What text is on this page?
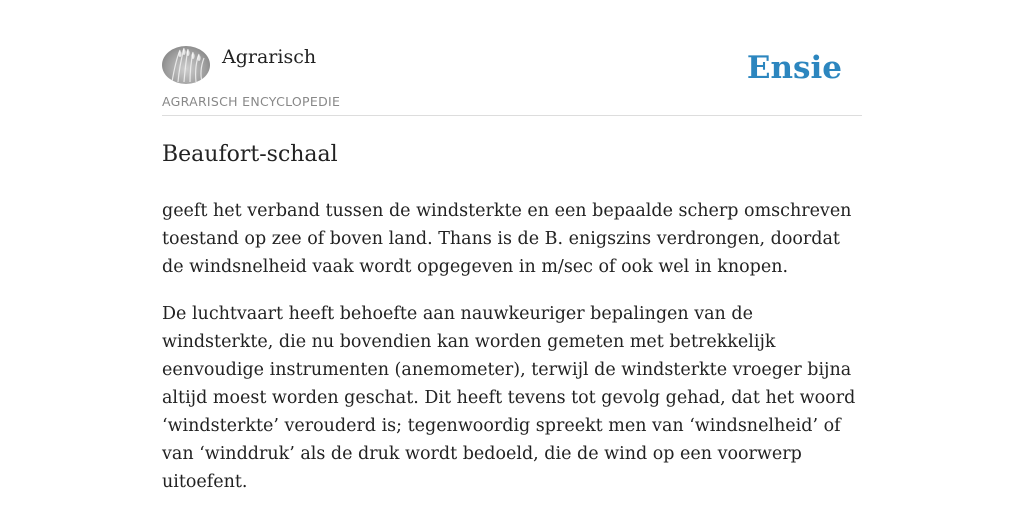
Agrarisch
AGRARISCH ENCYCLOPEDIE
Ensie
Beaufort-schaal

geeft het verband tussen de windsterkte en een bepaalde scherp omschreven toestand op zee of boven land. Thans is de B. enigszins verdrongen, doordat de windsnelheid vaak wordt opgegeven in m/sec of ook wel in knopen.

De luchtvaart heeft behoefte aan nauwkeuriger bepalingen van de windsterkte, die nu bovendien kan worden gemeten met betrekkelijk eenvoudige instrumenten (anemometer), terwijl de windsterkte vroeger bijna altijd moest worden geschat. Dit heeft tevens tot gevolg gehad, dat het woord ‘windsterkte’ verouderd is; tegenwoordig spreekt men van ‘windsnelheid’ of van ‘winddruk’ als de druk wordt bedoeld, die de wind op een voorwerp uitoefent.
